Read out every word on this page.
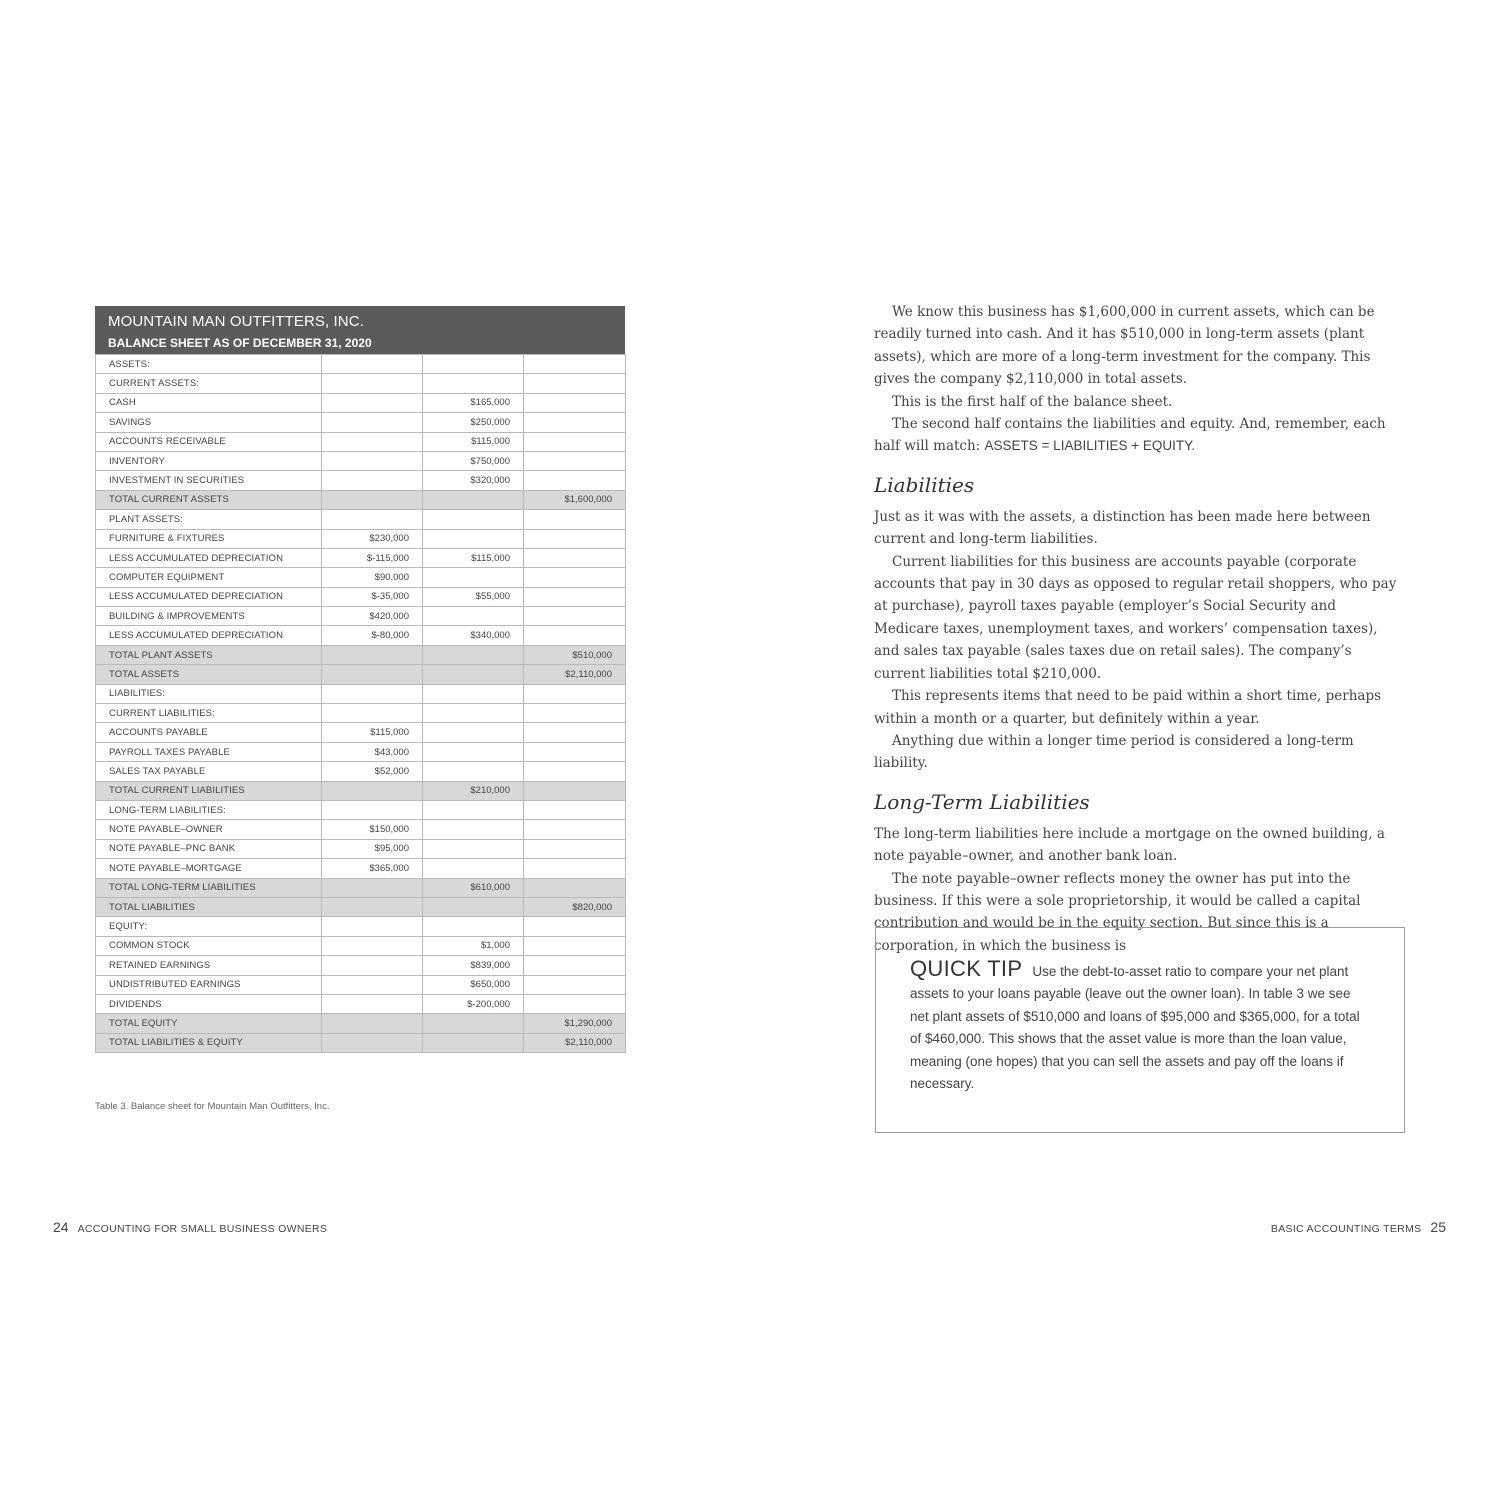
MOUNTAIN MAN OUTFITTERS, INC.
BALANCE SHEET AS OF DECEMBER 31, 2020
ASSETS:			
CURRENT ASSETS:			
CASH		$165,000	
SAVINGS		$250,000	
ACCOUNTS RECEIVABLE		$115,000	
INVENTORY		$750,000	
INVESTMENT IN SECURITIES		$320,000	
TOTAL CURRENT ASSETS			$1,600,000
PLANT ASSETS:			
FURNITURE & FIXTURES	$230,000		
LESS ACCUMULATED DEPRECIATION	$-115,000	$115,000	
COMPUTER EQUIPMENT	$90,000		
LESS ACCUMULATED DEPRECIATION	$-35,000	$55,000	
BUILDING & IMPROVEMENTS	$420,000		
LESS ACCUMULATED DEPRECIATION	$-80,000	$340,000	
TOTAL PLANT ASSETS			$510,000
TOTAL ASSETS			$2,110,000
LIABILITIES:			
CURRENT LIABILITIES:			
ACCOUNTS PAYABLE	$115,000		
PAYROLL TAXES PAYABLE	$43,000		
SALES TAX PAYABLE	$52,000		
TOTAL CURRENT LIABILITIES		$210,000	
LONG-TERM LIABILITIES:			
NOTE PAYABLE–OWNER	$150,000		
NOTE PAYABLE–PNC BANK	$95,000		
NOTE PAYABLE–MORTGAGE	$365,000		
TOTAL LONG-TERM LIABILITIES		$610,000	
TOTAL LIABILITIES			$820,000
EQUITY:			
COMMON STOCK		$1,000	
RETAINED EARNINGS		$839,000	
UNDISTRIBUTED EARNINGS		$650,000	
DIVIDENDS		$-200,000	
TOTAL EQUITY			$1,290,000
TOTAL LIABILITIES & EQUITY			$2,110,000
Table 3. Balance sheet for Mountain Man Outfitters, Inc.
24 ACCOUNTING FOR SMALL BUSINESS OWNERS	BASIC ACCOUNTING TERMS 25

We know this business has $1,600,000 in current assets, which can be readily turned into cash. And it has $510,000 in long-term assets (plant assets), which are more of a long-term investment for the company. This gives the company $2,110,000 in total assets.

This is the first half of the balance sheet.

The second half contains the liabilities and equity. And, remember, each half will match: ASSETS = LIABILITIES + EQUITY.

Liabilities

Just as it was with the assets, a distinction has been made here between current and long-term liabilities.

Current liabilities for this business are accounts payable (corporate accounts that pay in 30 days as opposed to regular retail shoppers, who pay at purchase), payroll taxes payable (employer’s Social Security and Medicare taxes, unemployment taxes, and workers’ compensation taxes), and sales tax payable (sales taxes due on retail sales). The company’s current liabilities total $210,000.

This represents items that need to be paid within a short time, perhaps within a month or a quarter, but definitely within a year.

Anything due within a longer time period is considered a long-term liability.

Long-Term Liabilities

The long-term liabilities here include a mortgage on the owned building, a note payable–owner, and another bank loan.

The note payable–owner reflects money the owner has put into the business. If this were a sole proprietorship, it would be called a capital contribution and would be in the equity section. But since this is a corporation, in which the business is

QUICK TIP Use the debt-to-asset ratio to compare your net plant assets to your loans payable (leave out the owner loan). In table 3 we see net plant assets of $510,000 and loans of $95,000 and $365,000, for a total of $460,000. This shows that the asset value is more than the loan value, meaning (one hopes) that you can sell the assets and pay off the loans if necessary.
